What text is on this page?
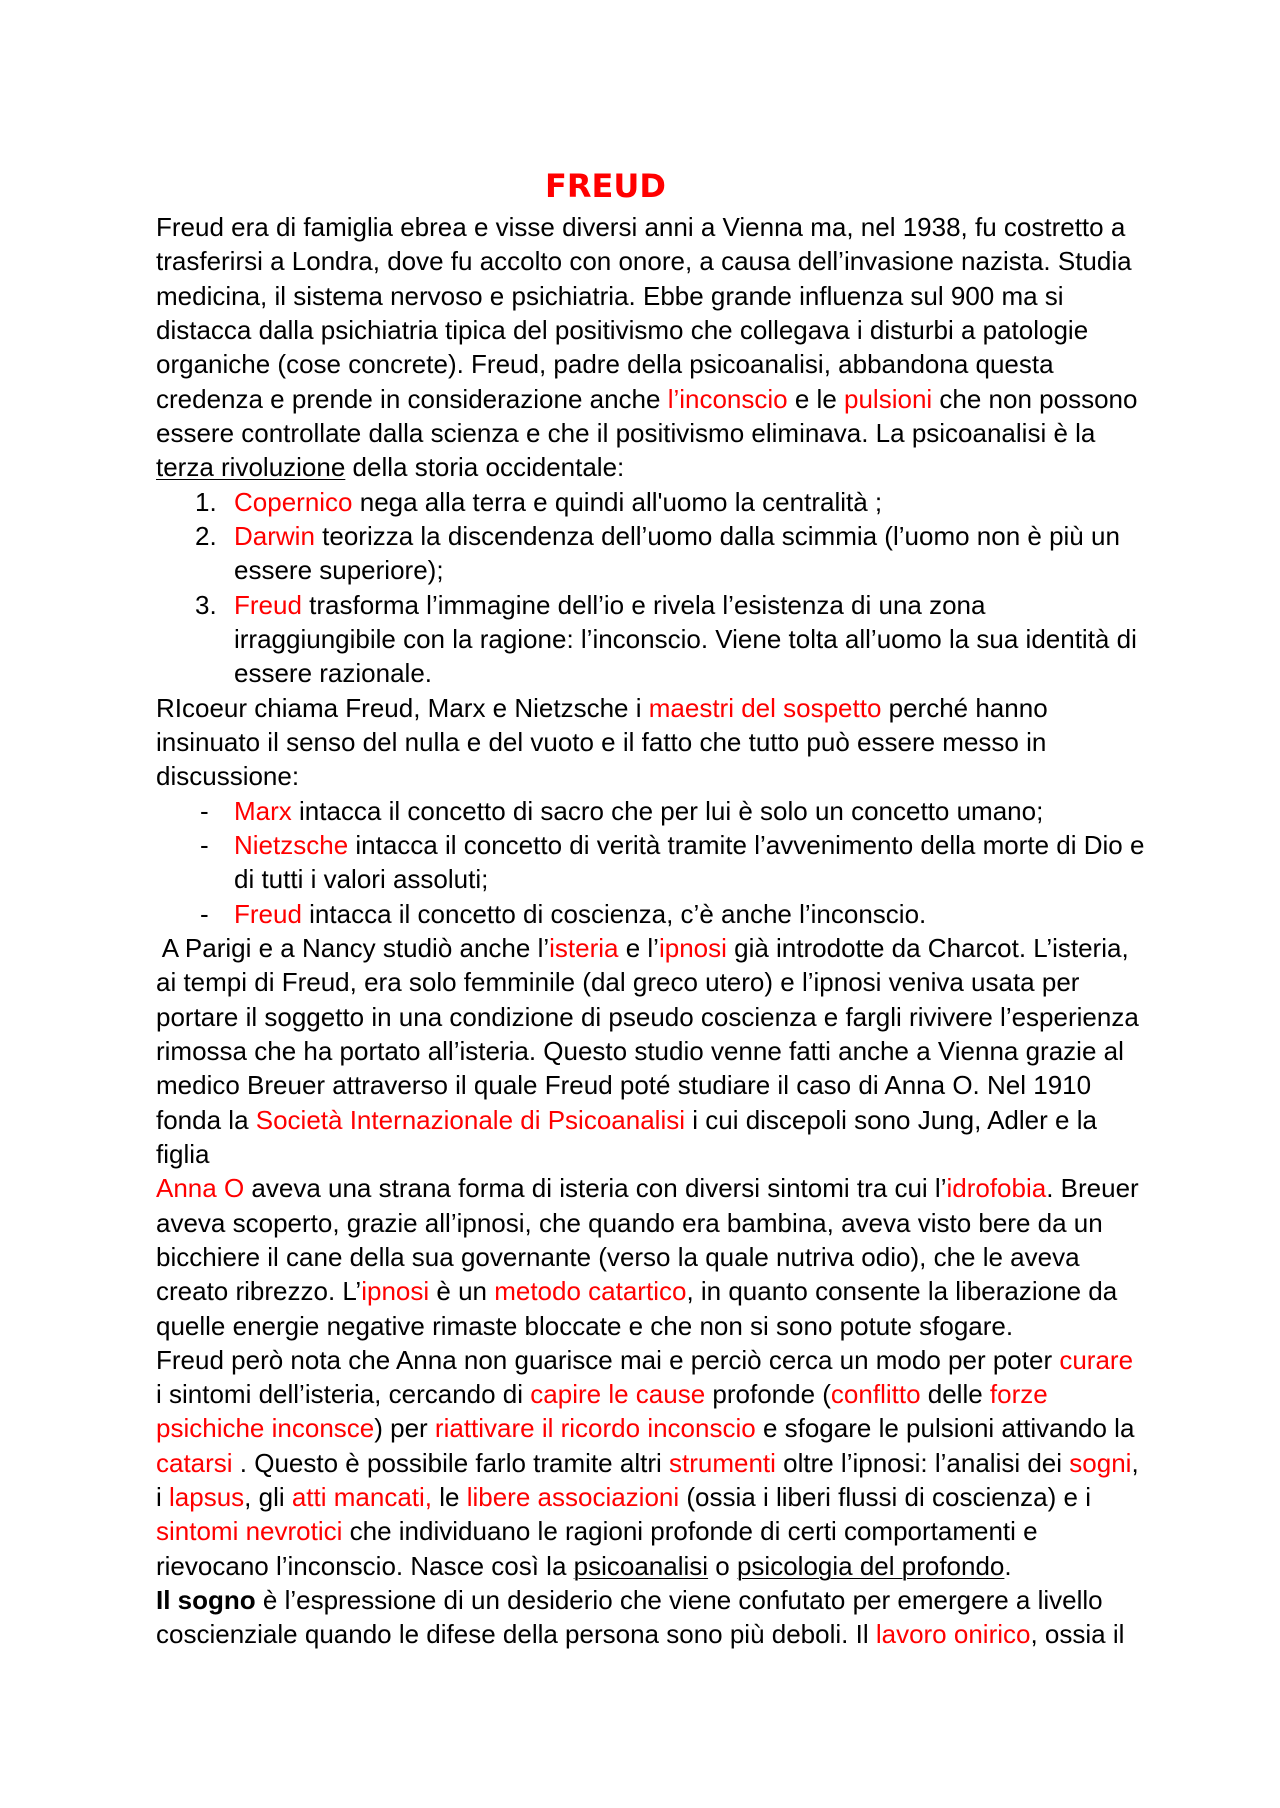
FREUD
Freud era di famiglia ebrea e visse diversi anni a Vienna ma, nel 1938, fu costretto a
trasferirsi a Londra, dove fu accolto con onore, a causa dell’invasione nazista. Studia
medicina, il sistema nervoso e psichiatria. Ebbe grande influenza sul 900 ma si
distacca dalla psichiatria tipica del positivismo che collegava i disturbi a patologie
organiche (cose concrete). Freud, padre della psicoanalisi, abbandona questa
credenza e prende in considerazione anche l’inconscio e le pulsioni che non possono
essere controllate dalla scienza e che il positivismo eliminava. La psicoanalisi è la
terza rivoluzione della storia occidentale:
1. Copernico nega alla terra e quindi all'uomo la centralità ;
2. Darwin teorizza la discendenza dell’uomo dalla scimmia (l’uomo non è più un
essere superiore);
3. Freud trasforma l’immagine dell’io e rivela l’esistenza di una zona
irraggiungibile con la ragione: l’inconscio. Viene tolta all’uomo la sua identità di
essere razionale.
RIcoeur chiama Freud, Marx e Nietzsche i maestri del sospetto perché hanno
insinuato il senso del nulla e del vuoto e il fatto che tutto può essere messo in
discussione:
- Marx intacca il concetto di sacro che per lui è solo un concetto umano;
- Nietzsche intacca il concetto di verità tramite l’avvenimento della morte di Dio e
di tutti i valori assoluti;
- Freud intacca il concetto di coscienza, c’è anche l’inconscio.
A Parigi e a Nancy studiò anche l’isteria e l’ipnosi già introdotte da Charcot. L’isteria,
ai tempi di Freud, era solo femminile (dal greco utero) e l’ipnosi veniva usata per
portare il soggetto in una condizione di pseudo coscienza e fargli rivivere l’esperienza
rimossa che ha portato all’isteria. Questo studio venne fatti anche a Vienna grazie al
medico Breuer attraverso il quale Freud poté studiare il caso di Anna O. Nel 1910
fonda la Società Internazionale di Psicoanalisi i cui discepoli sono Jung, Adler e la
figlia
Anna O aveva una strana forma di isteria con diversi sintomi tra cui l’idrofobia. Breuer
aveva scoperto, grazie all’ipnosi, che quando era bambina, aveva visto bere da un
bicchiere il cane della sua governante (verso la quale nutriva odio), che le aveva
creato ribrezzo. L’ipnosi è un metodo catartico, in quanto consente la liberazione da
quelle energie negative rimaste bloccate e che non si sono potute sfogare.
Freud però nota che Anna non guarisce mai e perciò cerca un modo per poter curare
i sintomi dell’isteria, cercando di capire le cause profonde (conflitto delle forze
psichiche inconsce) per riattivare il ricordo inconscio e sfogare le pulsioni attivando la
catarsi . Questo è possibile farlo tramite altri strumenti oltre l’ipnosi: l’analisi dei sogni,
i lapsus, gli atti mancati, le libere associazioni (ossia i liberi flussi di coscienza) e i
sintomi nevrotici che individuano le ragioni profonde di certi comportamenti e
rievocano l’inconscio. Nasce così la psicoanalisi o psicologia del profondo.
Il sogno è l’espressione di un desiderio che viene confutato per emergere a livello
coscienziale quando le difese della persona sono più deboli. Il lavoro onirico, ossia il
